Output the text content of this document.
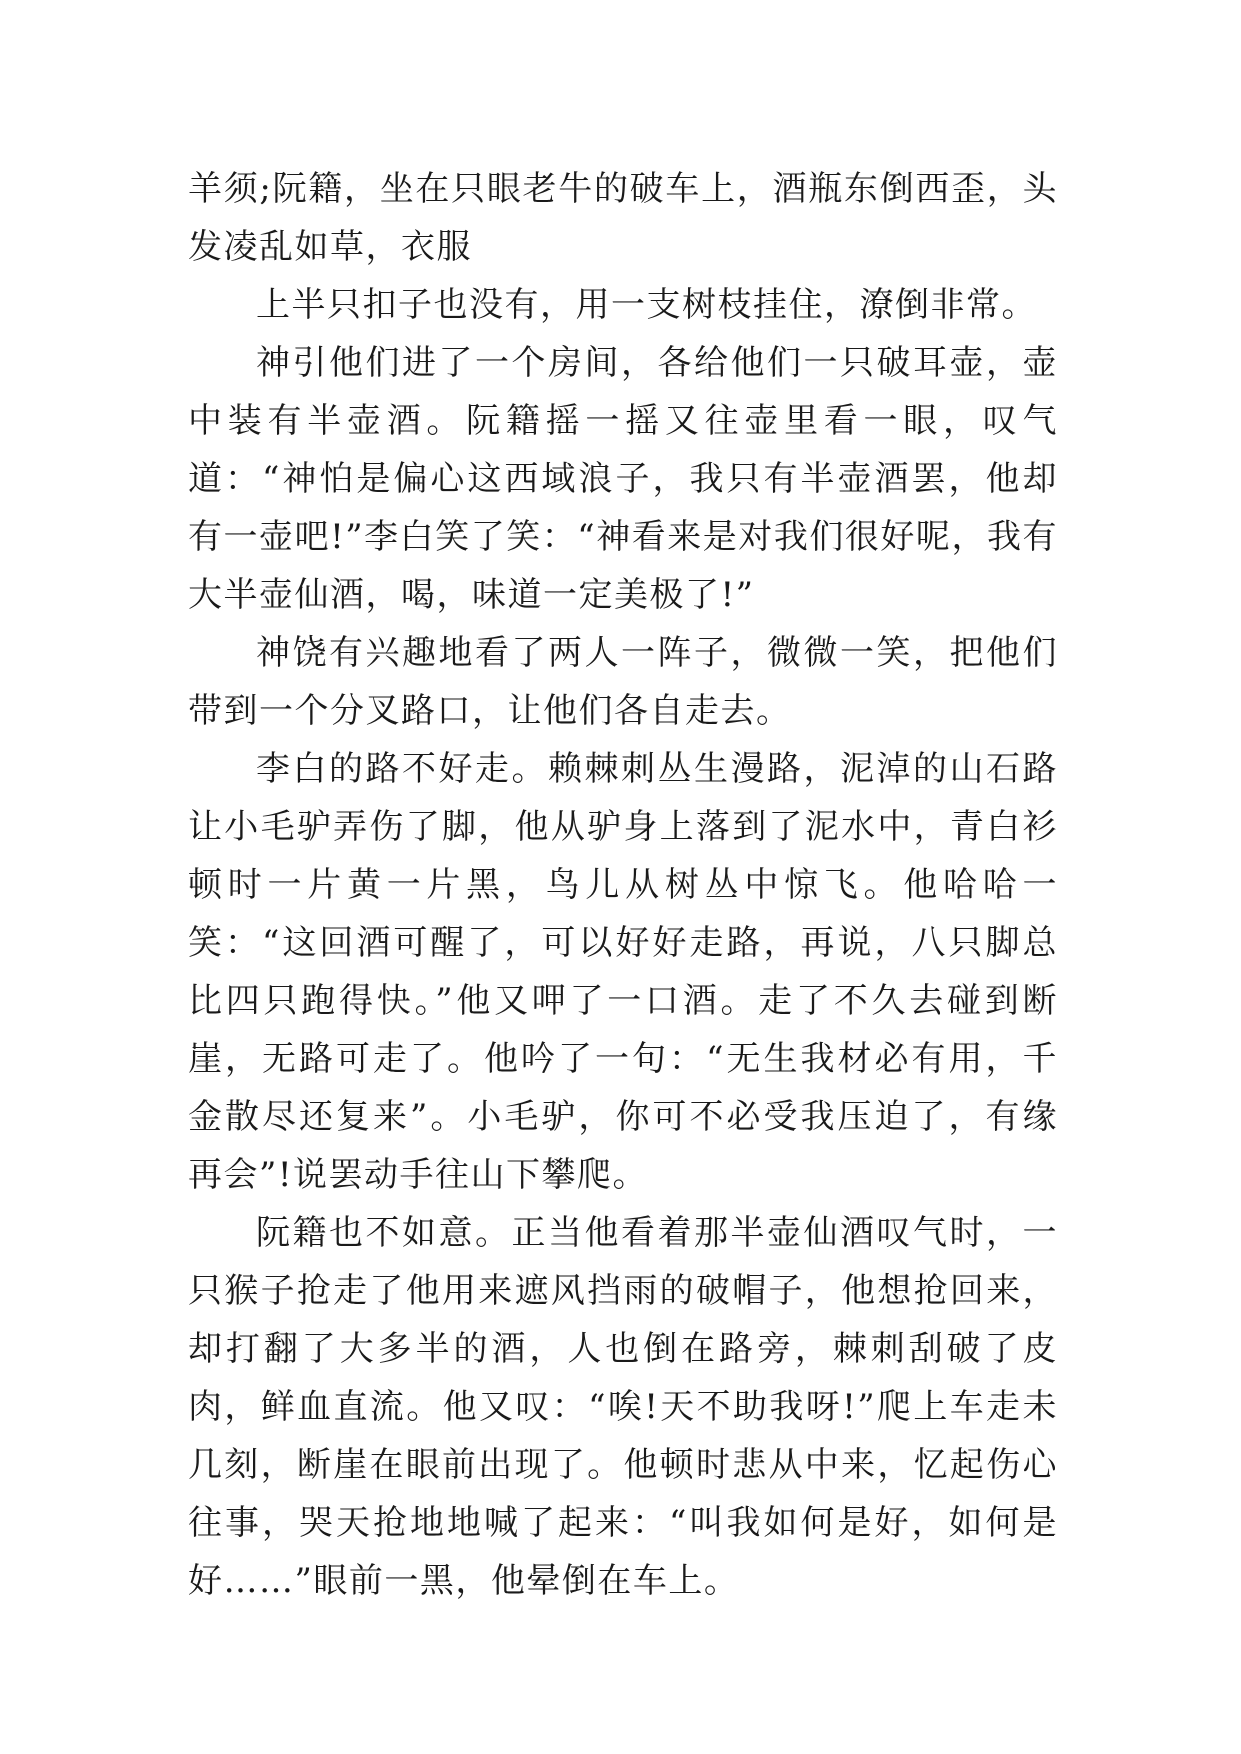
羊须;阮籍，坐在只眼老牛的破车上，酒瓶东倒西歪，头发凌乱如草，衣服

上半只扣子也没有，用一支树枝挂住，潦倒非常。

神引他们进了一个房间，各给他们一只破耳壶，壶中装有半壶酒。阮籍摇一摇又往壶里看一眼，叹气道：“神怕是偏心这西域浪子，我只有半壶酒罢，他却有一壶吧!”李白笑了笑：“神看来是对我们很好呢，我有大半壶仙酒，喝，味道一定美极了!”

神饶有兴趣地看了两人一阵子，微微一笑，把他们带到一个分叉路口，让他们各自走去。

李白的路不好走。赖棘刺丛生漫路，泥淖的山石路让小毛驴弄伤了脚，他从驴身上落到了泥水中，青白衫顿时一片黄一片黑，鸟儿从树丛中惊飞。他哈哈一笑：“这回酒可醒了，可以好好走路，再说，八只脚总比四只跑得快。”他又呷了一口酒。走了不久去碰到断崖，无路可走了。他吟了一句：“无生我材必有用，千金散尽还复来”。小毛驴，你可不必受我压迫了，有缘再会”!说罢动手往山下攀爬。

阮籍也不如意。正当他看着那半壶仙酒叹气时，一只猴子抢走了他用来遮风挡雨的破帽子，他想抢回来，却打翻了大多半的酒，人也倒在路旁，棘刺刮破了皮肉，鲜血直流。他又叹：“唉!天不助我呀!”爬上车走未几刻，断崖在眼前出现了。他顿时悲从中来，忆起伤心往事，哭天抢地地喊了起来：“叫我如何是好，如何是好……”眼前一黑，他晕倒在车上。
